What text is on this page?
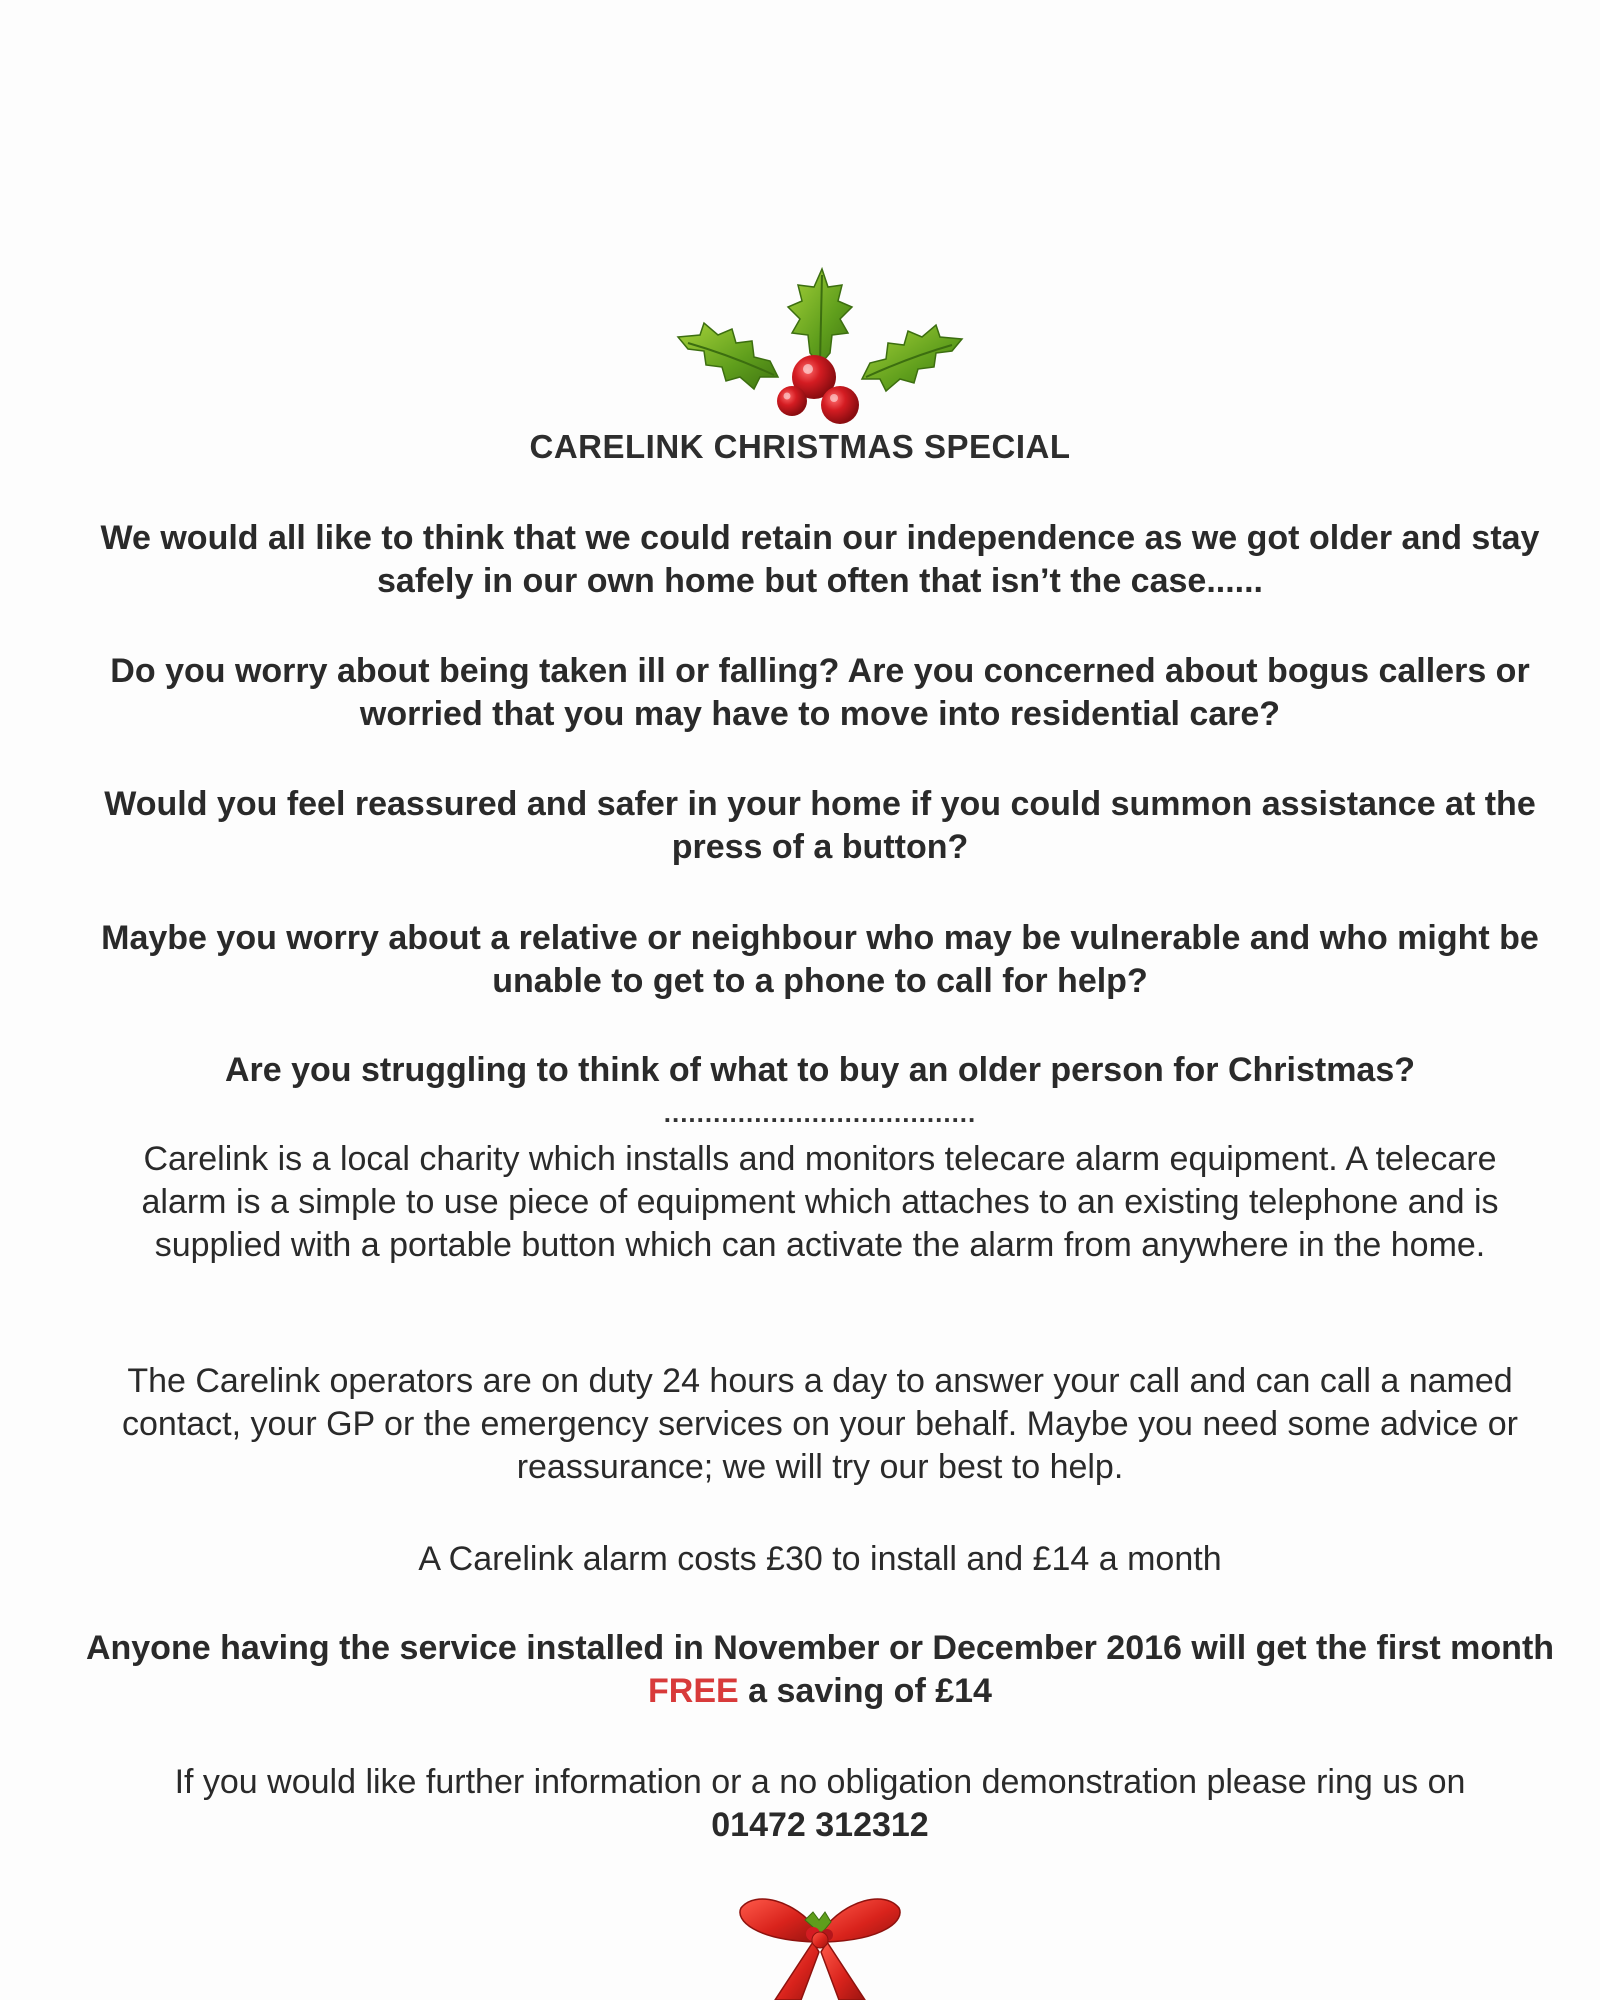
CARELINK CHRISTMAS SPECIAL
We would all like to think that we could retain our independence as we got older and stay safely in our own home but often that isn’t the case......
Do you worry about being taken ill or falling? Are you concerned about bogus callers or worried that you may have to move into residential care?
Would you feel reassured and safer in your home if you could summon assistance at the press of a button?
Maybe you worry about a relative or neighbour who may be vulnerable and who might be unable to get to a phone to call for help?
Are you struggling to think of what to buy an older person for Christmas?
......................................
Carelink is a local charity which installs and monitors telecare alarm equipment. A telecare alarm is a simple to use piece of equipment which attaches to an existing telephone and is supplied with a portable button which can activate the alarm from anywhere in the home.
The Carelink operators are on duty 24 hours a day to answer your call and can call a named contact, your GP or the emergency services on your behalf. Maybe you need some advice or reassurance; we will try our best to help.
A Carelink alarm costs £30 to install and £14 a month
Anyone having the service installed in November or December 2016 will get the first month FREE a saving of £14
If you would like further information or a no obligation demonstration please ring us on
01472 312312
